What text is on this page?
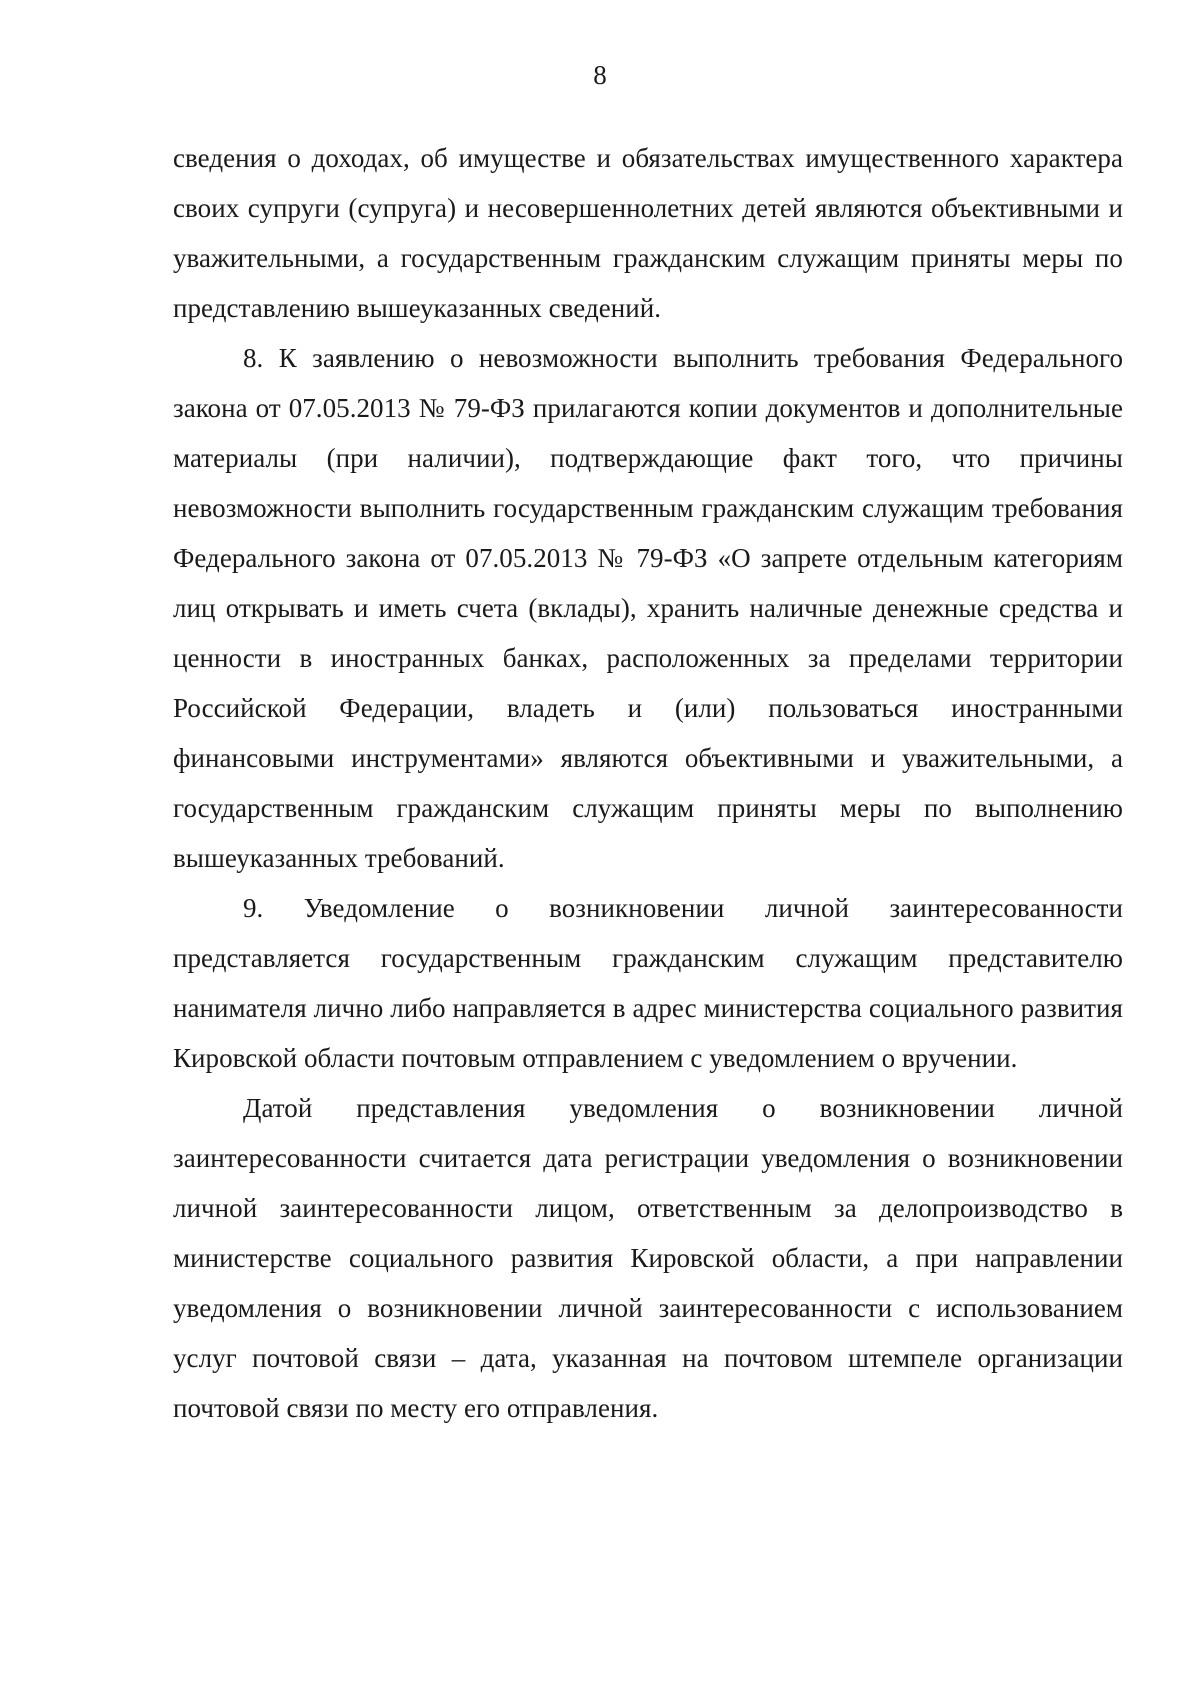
8

сведения о доходах, об имуществе и обязательствах имущественного характера своих супруги (супруга) и несовершеннолетних детей являются объективными и уважительными, а государственным гражданским служащим приняты меры по представлению вышеуказанных сведений.

8. К заявлению о невозможности выполнить требования Федерального закона от 07.05.2013 № 79-ФЗ прилагаются копии документов и дополнительные материалы (при наличии), подтверждающие факт того, что причины невозможности выполнить государственным гражданским служащим требования Федерального закона от 07.05.2013 № 79-ФЗ «О запрете отдельным категориям лиц открывать и иметь счета (вклады), хранить наличные денежные средства и ценности в иностранных банках, расположенных за пределами территории Российской Федерации, владеть и (или) пользоваться иностранными финансовыми инструментами» являются объективными и уважительными, а государственным гражданским служащим приняты меры по выполнению вышеуказанных требований.

9. Уведомление о возникновении личной заинтересованности представляется государственным гражданским служащим представителю нанимателя лично либо направляется в адрес министерства социального развития Кировской области почтовым отправлением с уведомлением о вручении.

Датой представления уведомления о возникновении личной заинтересованности считается дата регистрации уведомления о возникновении личной заинтересованности лицом, ответственным за делопроизводство в министерстве социального развития Кировской области, а при направлении уведомления о возникновении личной заинтересованности с использованием услуг почтовой связи – дата, указанная на почтовом штемпеле организации почтовой связи по месту его отправления.
